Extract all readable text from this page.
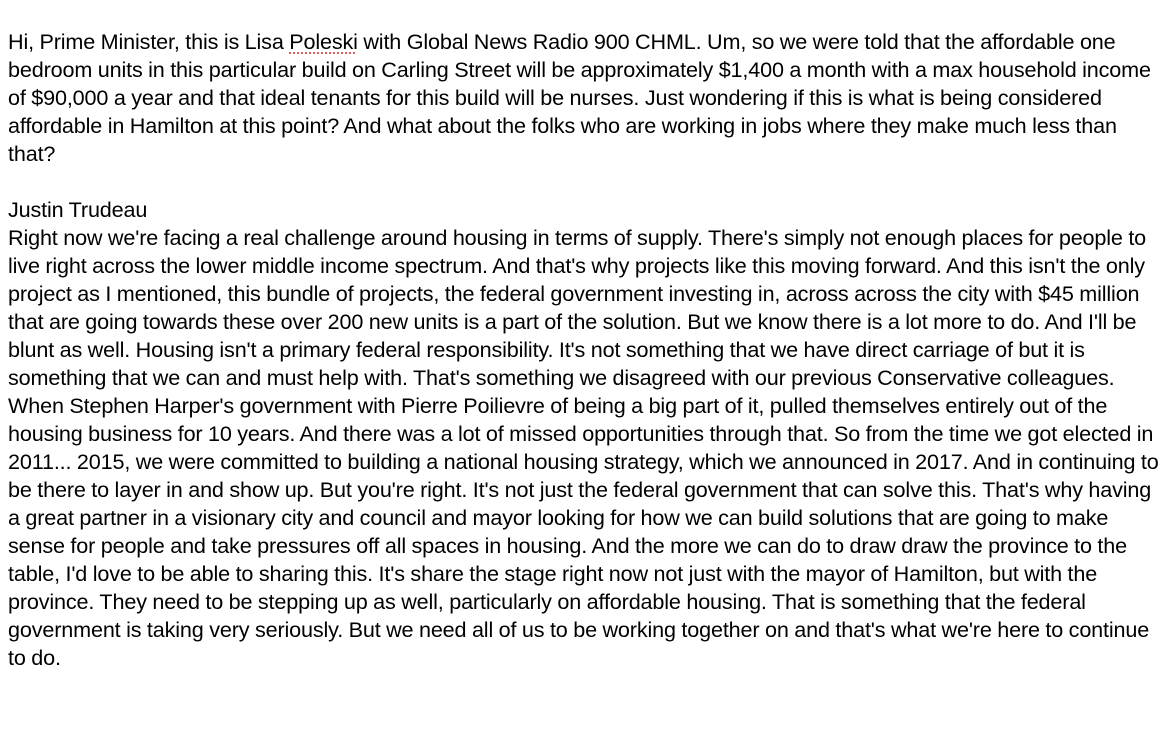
Hi, Prime Minister, this is Lisa Poleski with Global News Radio 900 CHML. Um, so we were told that the affordable one bedroom units in this particular build on Carling Street will be approximately $1,400 a month with a max household income of $90,000 a year and that ideal tenants for this build will be nurses. Just wondering if this is what is being considered affordable in Hamilton at this point? And what about the folks who are working in jobs where they make much less than that?

Justin Trudeau

Right now we're facing a real challenge around housing in terms of supply. There's simply not enough places for people to live right across the lower middle income spectrum. And that's why projects like this moving forward. And this isn't the only project as I mentioned, this bundle of projects, the federal government investing in, across across the city with $45 million that are going towards these over 200 new units is a part of the solution. But we know there is a lot more to do. And I'll be blunt as well. Housing isn't a primary federal responsibility. It's not something that we have direct carriage of but it is something that we can and must help with. That's something we disagreed with our previous Conservative colleagues. When Stephen Harper's government with Pierre Poilievre of being a big part of it, pulled themselves entirely out of the housing business for 10 years. And there was a lot of missed opportunities through that. So from the time we got elected in 2011... 2015, we were committed to building a national housing strategy, which we announced in 2017. And in continuing to be there to layer in and show up. But you're right. It's not just the federal government that can solve this. That's why having a great partner in a visionary city and council and mayor looking for how we can build solutions that are going to make sense for people and take pressures off all spaces in housing. And the more we can do to draw draw the province to the table, I'd love to be able to sharing this. It's share the stage right now not just with the mayor of Hamilton, but with the province. They need to be stepping up as well, particularly on affordable housing. That is something that the federal government is taking very seriously. But we need all of us to be working together on and that's what we're here to continue to do.
